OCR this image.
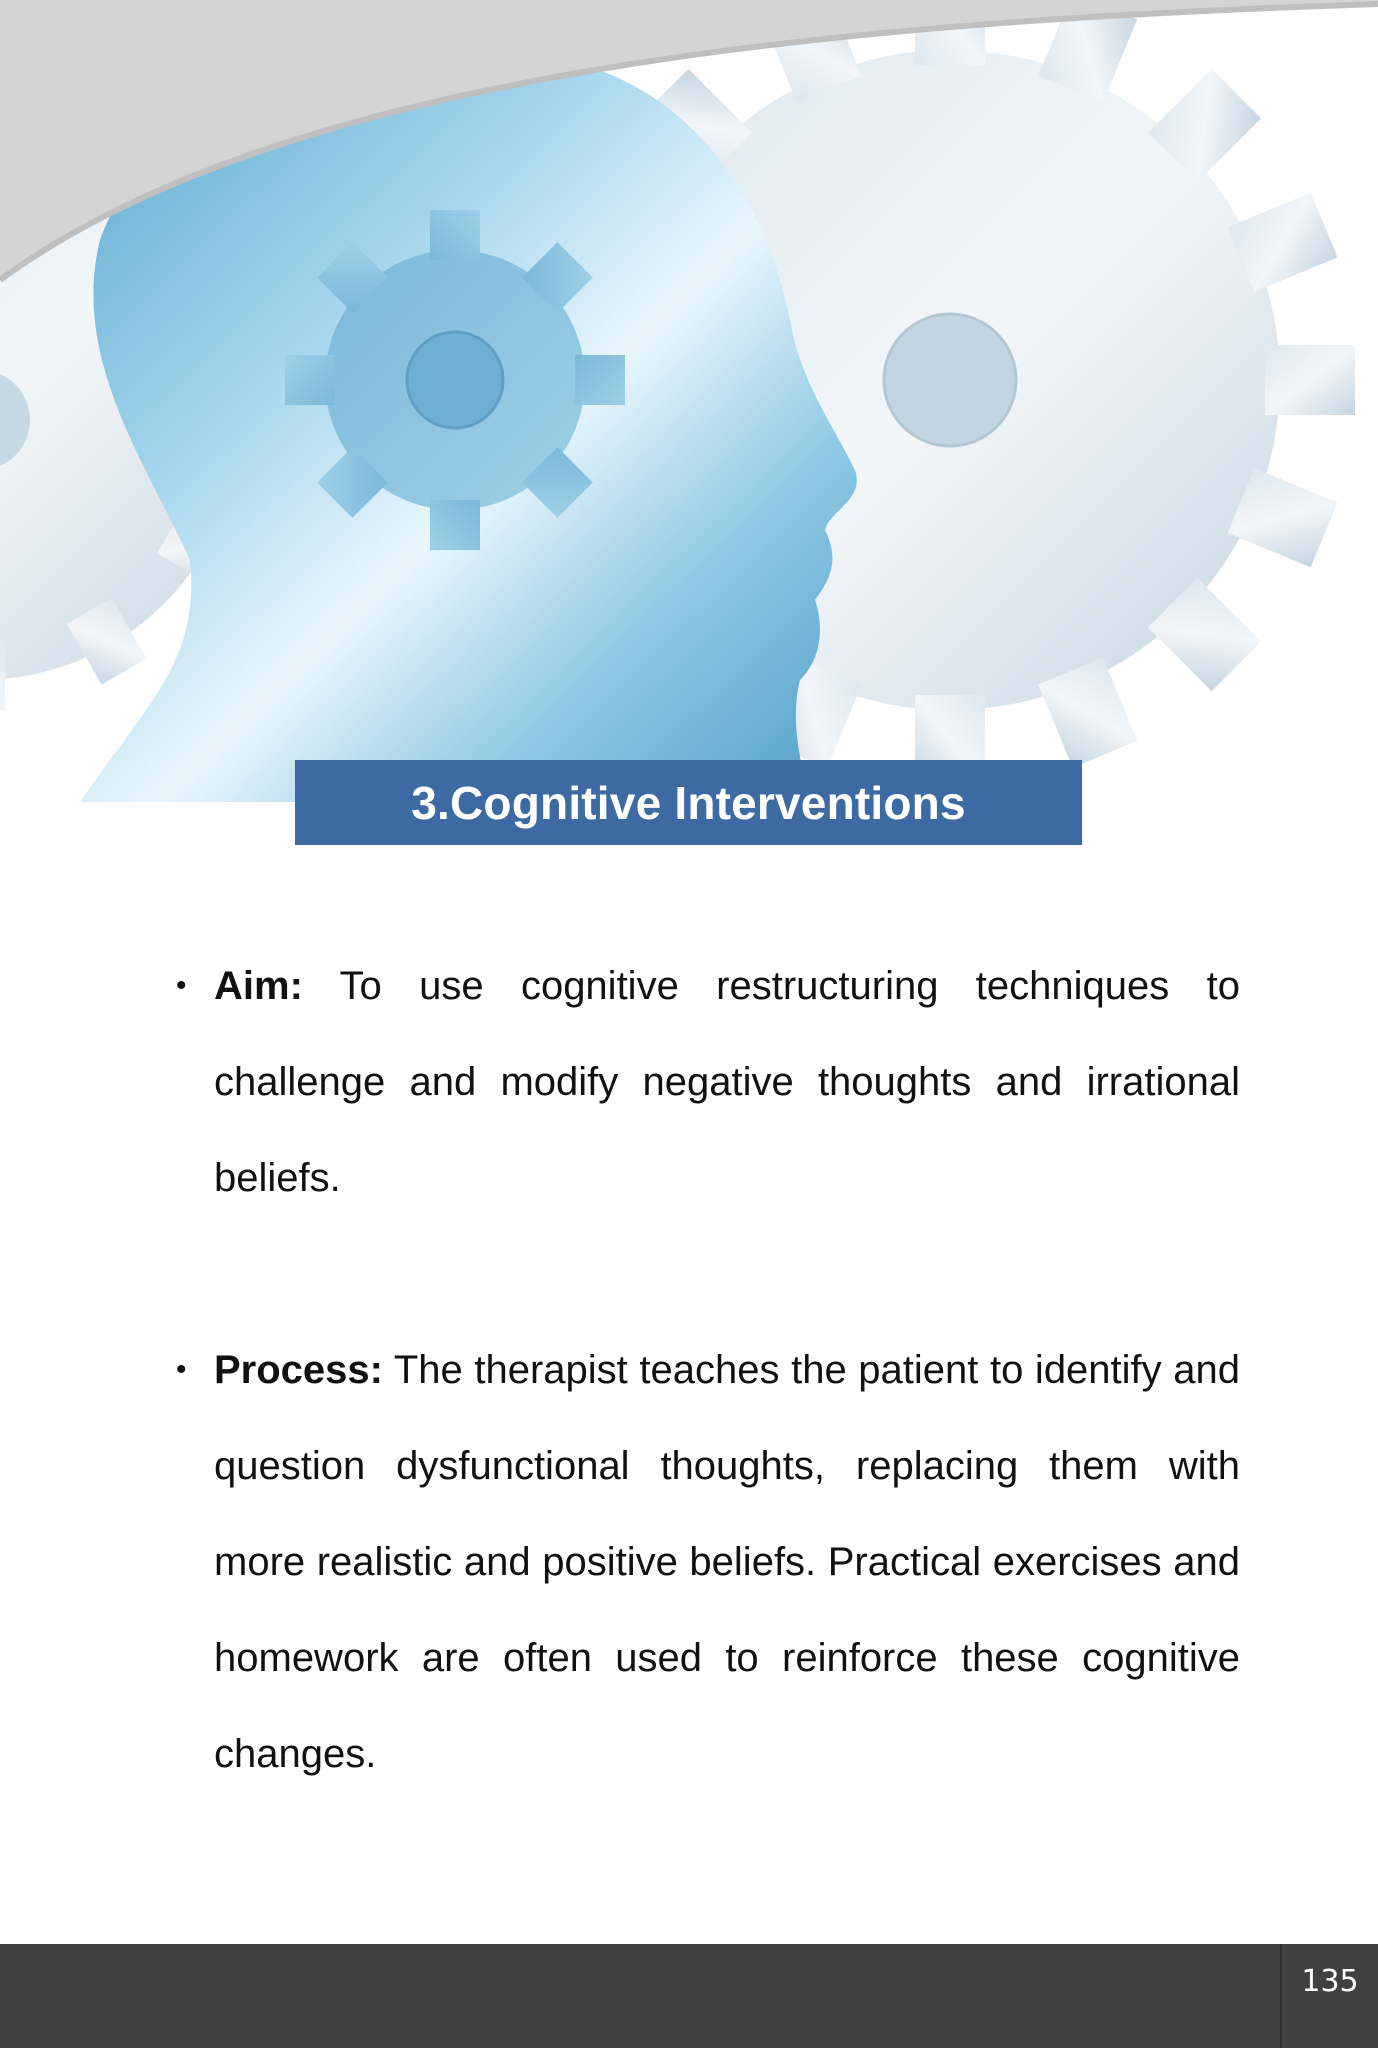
3.Cognitive Interventions
• Aim: To use cognitive restructuring techniques to challenge and modify negative thoughts and irrational beliefs.

• Process: The therapist teaches the patient to identify and question dysfunctional thoughts, replacing them with more realistic and positive beliefs. Practical exercises and homework are often used to reinforce these cognitive changes.

135
